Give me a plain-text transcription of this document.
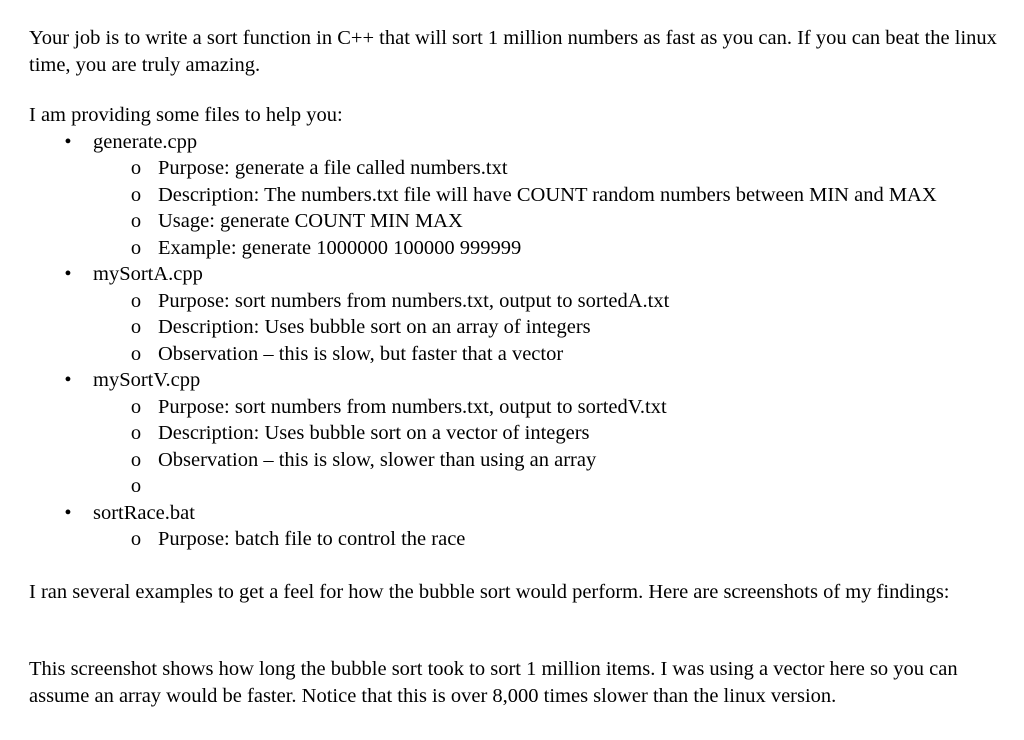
Your job is to write a sort function in C++ that will sort 1 million numbers as fast as you can. If you can beat the linux time, you are truly amazing.

I am providing some files to help you:

• generate.cpp
o Purpose: generate a file called numbers.txt
o Description: The numbers.txt file will have COUNT random numbers between MIN and MAX
o Usage: generate COUNT MIN MAX
o Example: generate 1000000 100000 999999
• mySortA.cpp
o Purpose: sort numbers from numbers.txt, output to sortedA.txt
o Description: Uses bubble sort on an array of integers
o Observation – this is slow, but faster that a vector
• mySortV.cpp
o Purpose: sort numbers from numbers.txt, output to sortedV.txt
o Description: Uses bubble sort on a vector of integers
o Observation – this is slow, slower than using an array
o
• sortRace.bat
o Purpose: batch file to control the race

I ran several examples to get a feel for how the bubble sort would perform. Here are screenshots of my findings:

This screenshot shows how long the bubble sort took to sort 1 million items. I was using a vector here so you can assume an array would be faster. Notice that this is over 8,000 times slower than the linux version.
